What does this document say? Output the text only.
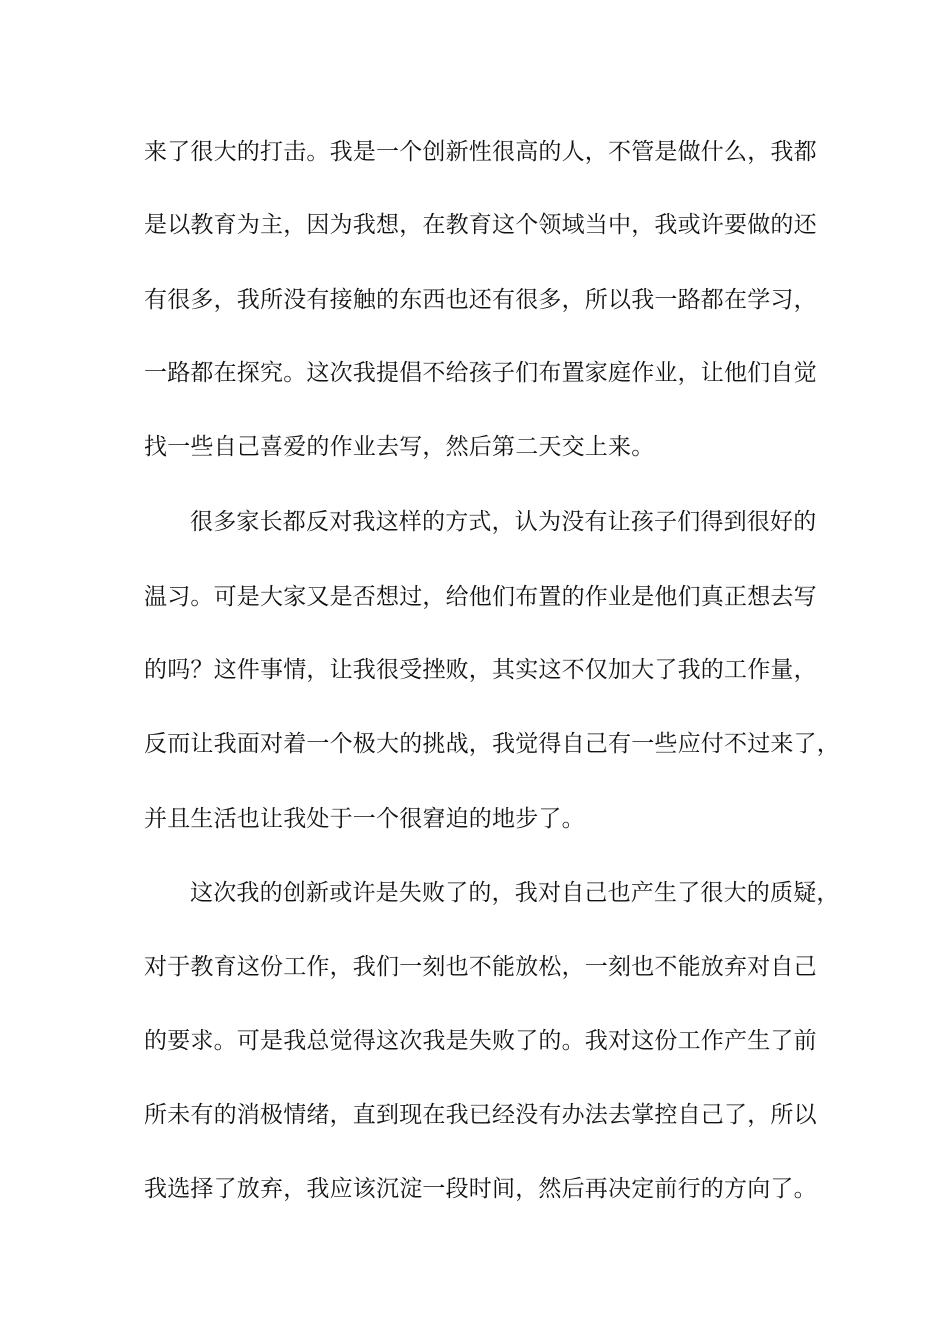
来了很大的打击。我是一个创新性很高的人，不管是做什么，我都

是以教育为主，因为我想，在教育这个领域当中，我或许要做的还

有很多，我所没有接触的东西也还有很多，所以我一路都在学习，

一路都在探究。这次我提倡不给孩子们布置家庭作业，让他们自觉

找一些自己喜爱的作业去写，然后第二天交上来。

很多家长都反对我这样的方式，认为没有让孩子们得到很好的

温习。可是大家又是否想过，给他们布置的作业是他们真正想去写

的吗？这件事情，让我很受挫败，其实这不仅加大了我的工作量，

反而让我面对着一个极大的挑战，我觉得自己有一些应付不过来了，

并且生活也让我处于一个很窘迫的地步了。

这次我的创新或许是失败了的，我对自己也产生了很大的质疑，

对于教育这份工作，我们一刻也不能放松，一刻也不能放弃对自己

的要求。可是我总觉得这次我是失败了的。我对这份工作产生了前

所未有的消极情绪，直到现在我已经没有办法去掌控自己了，所以

我选择了放弃，我应该沉淀一段时间，然后再决定前行的方向了。
